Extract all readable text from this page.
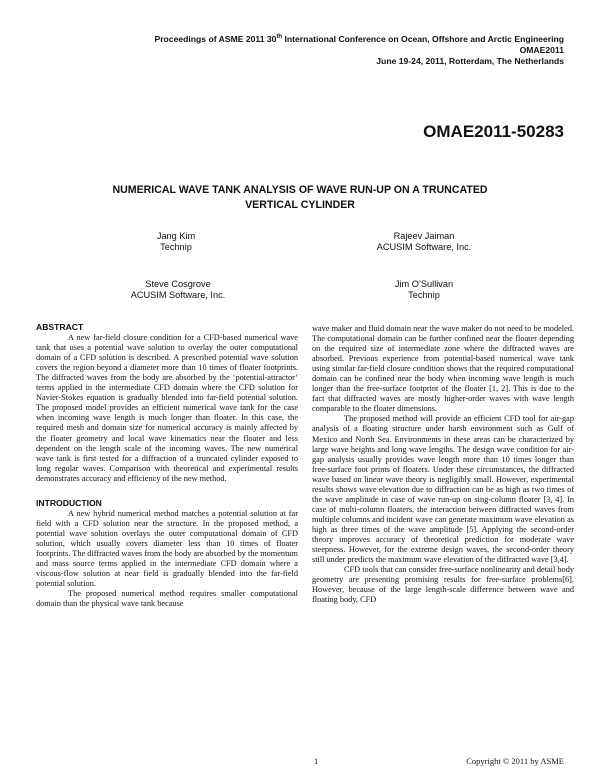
Proceedings of ASME 2011 30th International Conference on Ocean, Offshore and Arctic Engineering
OMAE2011
June 19-24, 2011, Rotterdam, The Netherlands
OMAE2011-50283
NUMERICAL WAVE TANK ANALYSIS OF WAVE RUN-UP ON A TRUNCATED
VERTICAL CYLINDER
Jang Kim
Technip
Rajeev Jaiman
ACUSIM Software, Inc.
Steve Cosgrove
ACUSIM Software, Inc.
Jim O’Sullivan
Technip
ABSTRACT

A new far-field closure condition for a CFD-based numerical wave tank that uses a potential wave solution to overlay the outer computational domain of a CFD solution is described. A prescribed potential wave solution covers the region beyond a diameter more than 10 times of floater footprints. The diffracted waves from the body are absorbed by the ‘potential-attractor’ terms applied in the intermediate CFD domain where the CFD solution for Navier-Stokes equation is gradually blended into far-field potential solution. The proposed model provides an efficient numerical wave tank for the case when incoming wave length is much longer than floater. In this case, the required mesh and domain size for numerical accuracy is mainly affected by the floater geometry and local wave kinematics near the floater and less dependent on the length scale of the incoming waves. The new numerical wave tank is first tested for a diffraction of a truncated cylinder exposed to long regular waves. Comparison with theoretical and experimental results demonstrates accuracy and efficiency of the new method.

INTRODUCTION

A new hybrid numerical method matches a potential solution at far field with a CFD solution near the structure. In the proposed method, a potential wave solution overlays the outer computational domain of CFD solution, which usually covers diameter less than 10 times of floater footprints. The diffracted waves from the body are absorbed by the momentum and mass source terms applied in the intermediate CFD domain where a viscous-flow solution at near field is gradually blended into the far-field potential solution.

The proposed numerical method requires smaller computational domain than the physical wave tank because

wave maker and fluid domain near the wave maker do not need to be modeled. The computational domain can be further confined near the floater depending on the required size of intermediate zone where the diffracted waves are absorbed. Previous experience from potential-based numerical wave tank using similar far-field closure condition shows that the required computational domain can be confined near the body when incoming wave length is much longer than the free-surface footprint of the floater [1, 2]. This is due to the fact that diffracted waves are mostly higher-order waves with wave length comparable to the floater dimensions.

The proposed method will provide an efficient CFD tool for air-gap analysis of a floating structure under harsh environment such as Gulf of Mexico and North Sea. Environments in these areas can be characterized by large wave heights and long wave lengths. The design wave condition for air-gap analysis usually provides wave length more than 10 times longer than free-surface foot prints of floaters. Under these circumstances, the diffracted wave based on linear wave theory is negligibly small. However, experimental results shows wave elevation due to diffraction can be as high as two times of the wave amplitude in case of wave run-up on sing-column floater [3, 4]. In case of multi-column floaters, the interaction between diffracted waves from multiple columns and incident wave can generate maximum wave elevation as high as three times of the wave amplitude [5]. Applying the second-order theory improves accuracy of theoretical prediction for moderate wave steepness. However, for the extreme design waves, the second-order theory still under predicts the maximum wave elevation of the diffracted wave [3,4].

CFD tools that can consider free-surface nonlinearity and detail body geometry are presenting promising results for free-surface problems[6]. However, because of the large length-scale difference between wave and floating body, CFD

1	Copyright © 2011 by ASME
